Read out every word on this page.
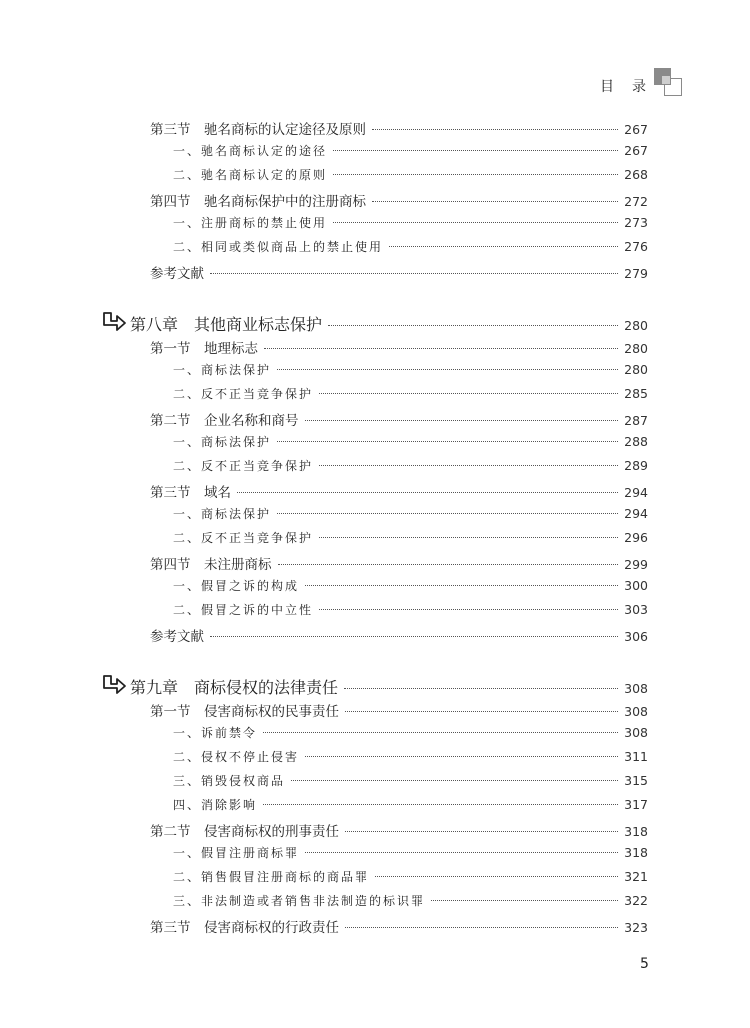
目　录
第三节　驰名商标的认定途径及原则	267
一、驰名商标认定的途径	267
二、驰名商标认定的原则	268
第四节　驰名商标保护中的注册商标	272
一、注册商标的禁止使用	273
二、相同或类似商品上的禁止使用	276
参考文献	279
第八章　其他商业标志保护	280
第一节　地理标志	280
一、商标法保护	280
二、反不正当竞争保护	285
第二节　企业名称和商号	287
一、商标法保护	288
二、反不正当竞争保护	289
第三节　域名	294
一、商标法保护	294
二、反不正当竞争保护	296
第四节　未注册商标	299
一、假冒之诉的构成	300
二、假冒之诉的中立性	303
参考文献	306
第九章　商标侵权的法律责任	308
第一节　侵害商标权的民事责任	308
一、诉前禁令	308
二、侵权不停止侵害	311
三、销毁侵权商品	315
四、消除影响	317
第二节　侵害商标权的刑事责任	318
一、假冒注册商标罪	318
二、销售假冒注册商标的商品罪	321
三、非法制造或者销售非法制造的标识罪	322
第三节　侵害商标权的行政责任	323
5
